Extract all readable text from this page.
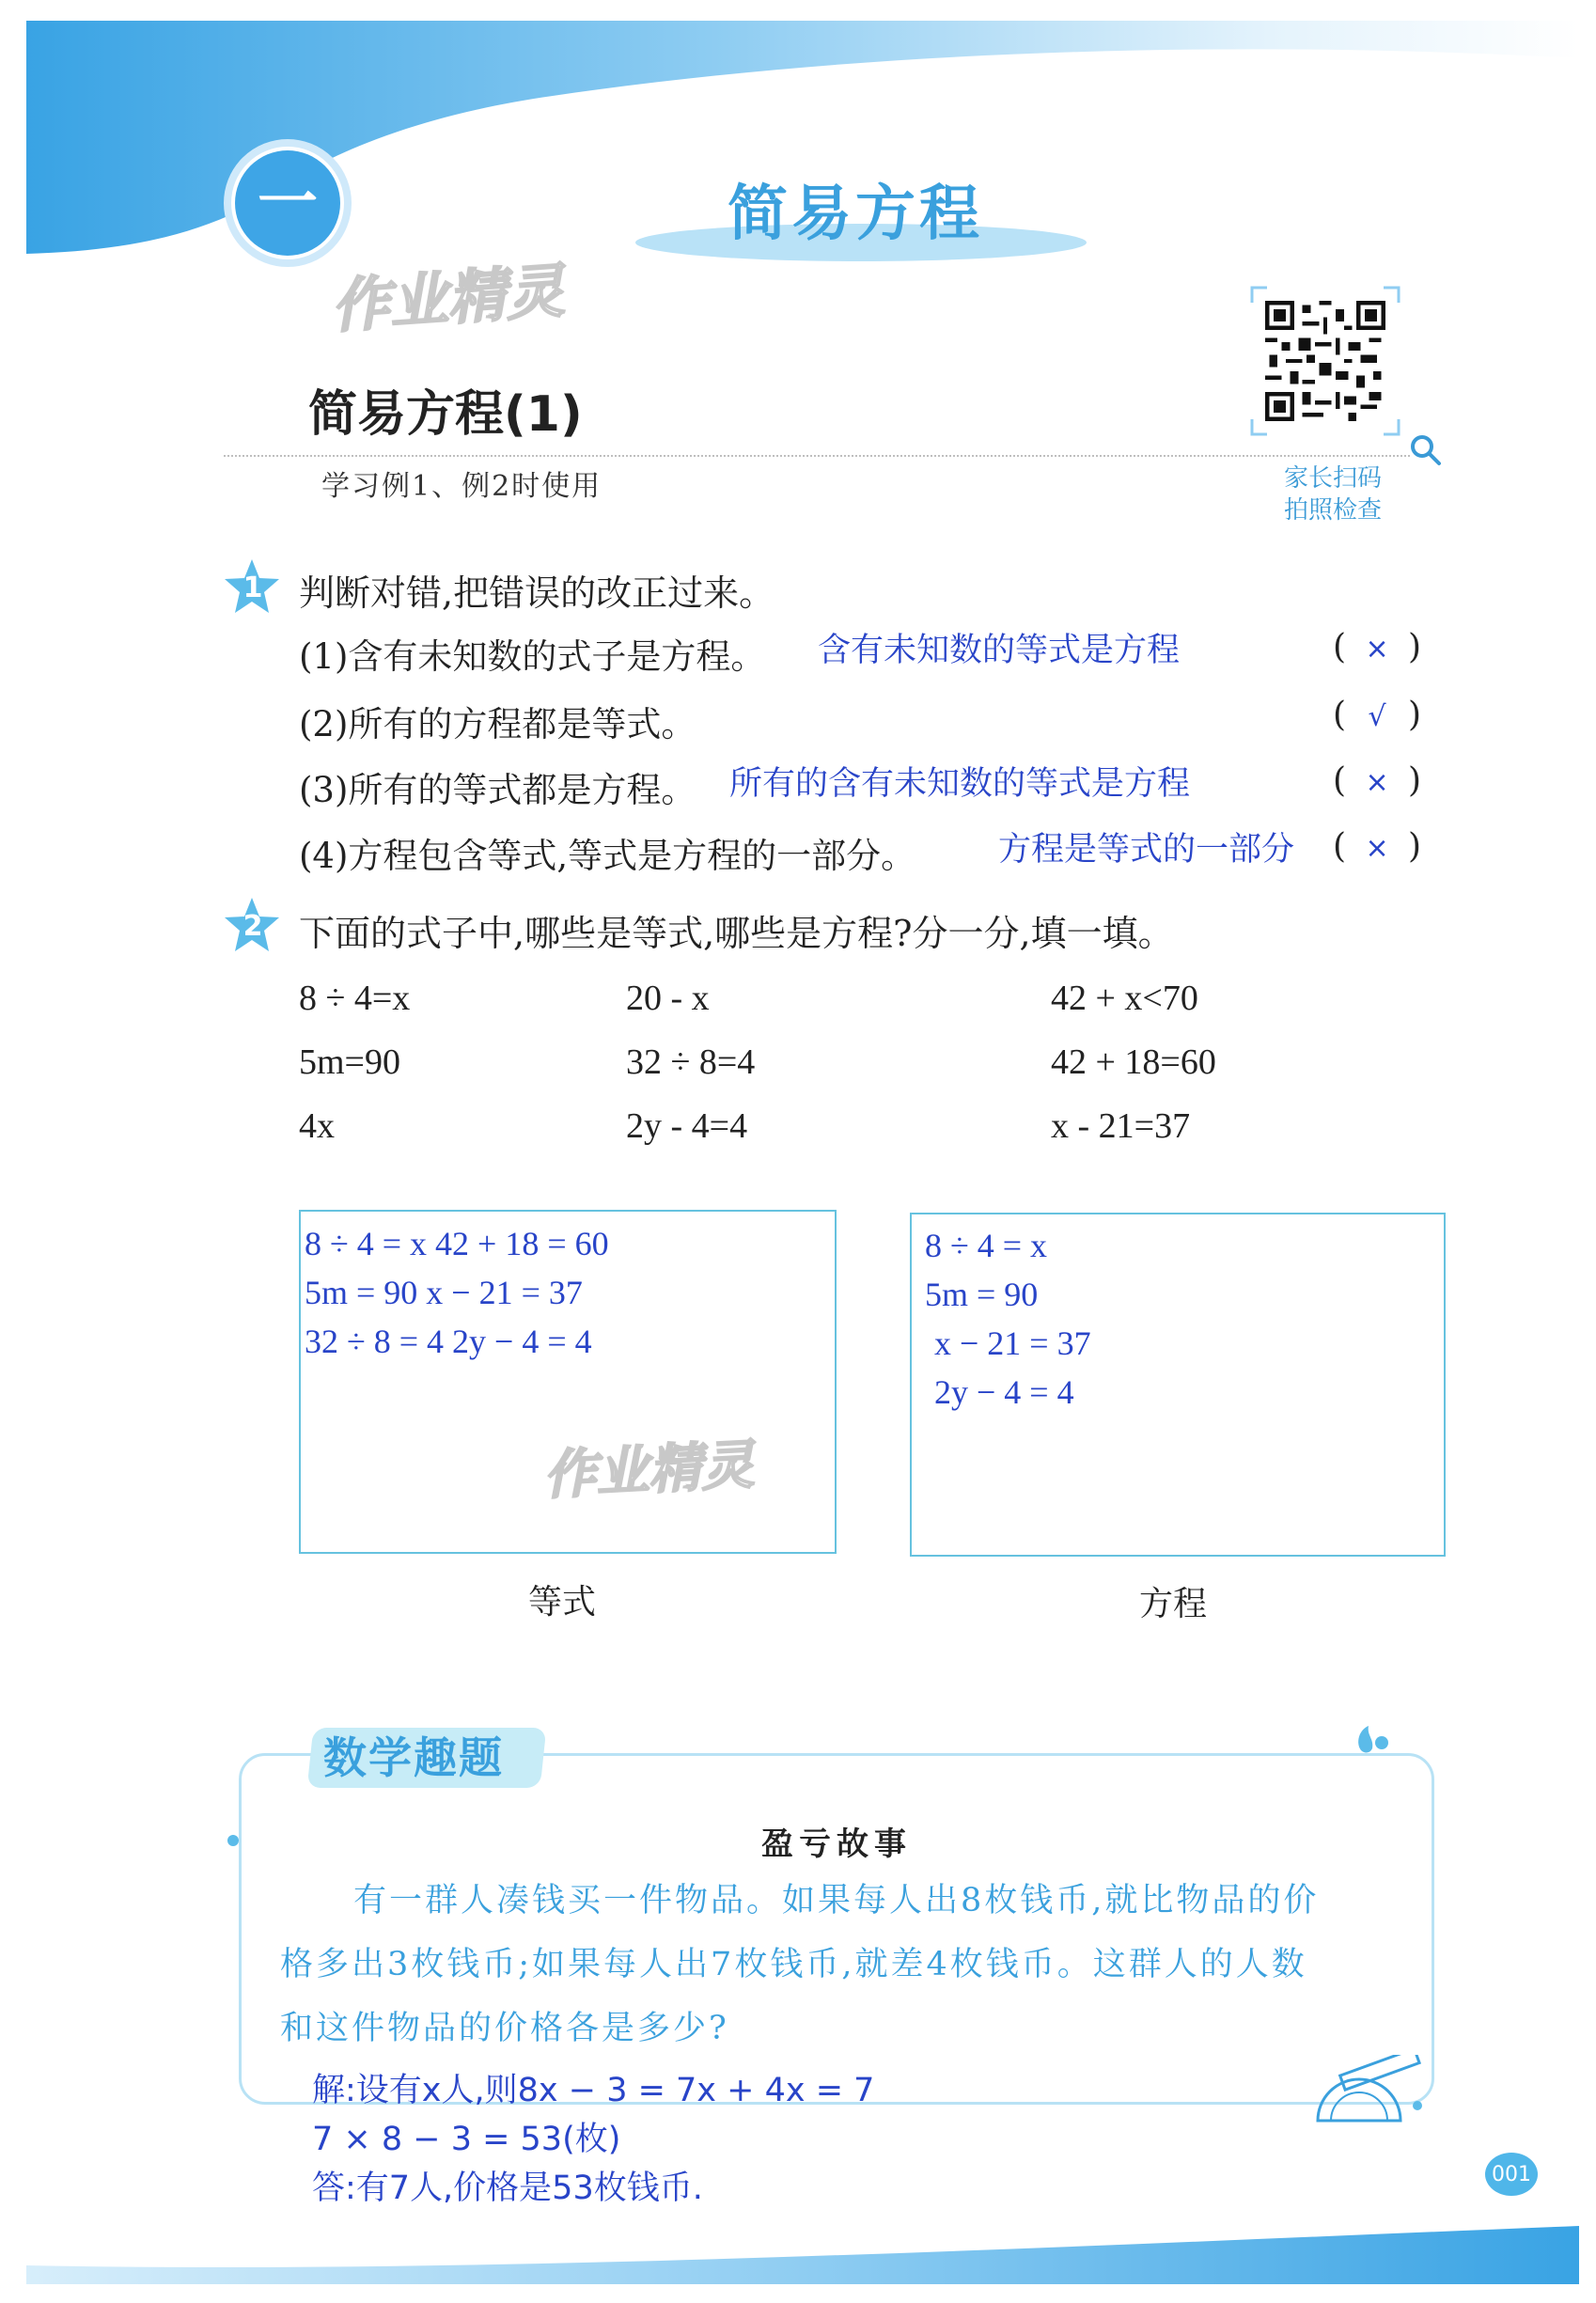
一	简易方程
作业精灵
简易方程(1)
学习例1、例2时使用	家长扫码
拍照检查
1 判断对错,把错误的改正过来。
(1)含有未知数的式子是方程。 含有未知数的等式是方程	( × )
(2)所有的方程都是等式。	( √ )
(3)所有的等式都是方程。 所有的含有未知数的等式是方程	( × )
(4)方程包含等式,等式是方程的一部分。	方程是等式的一部分 ( × )
2 下面的式子中,哪些是等式,哪些是方程?分一分,填一填。
8 ÷ 4=x	20 - x	42 + x<70
5m=90	32 ÷ 8=4	42 + 18=60
4x	2y - 4=4	x - 21=37
8 ÷ 4 = x 42 + 18 = 60
5m = 90 x − 21 = 37
32 ÷ 8 = 4 2y − 4 = 4
等式
8 ÷ 4 = x
5m = 90
x − 21 = 37
2y − 4 = 4
方程
作业精灵
数学趣题
盈亏故事
有一群人凑钱买一件物品。如果每人出8枚钱币,就比物品的价
格多出3枚钱币;如果每人出7枚钱币,就差4枚钱币。这群人的人数
和这件物品的价格各是多少?
解:设有x人,则8x − 3 = 7x + 4x = 7
7 × 8 − 3 = 53(枚)
答:有7人,价格是53枚钱币.	001
